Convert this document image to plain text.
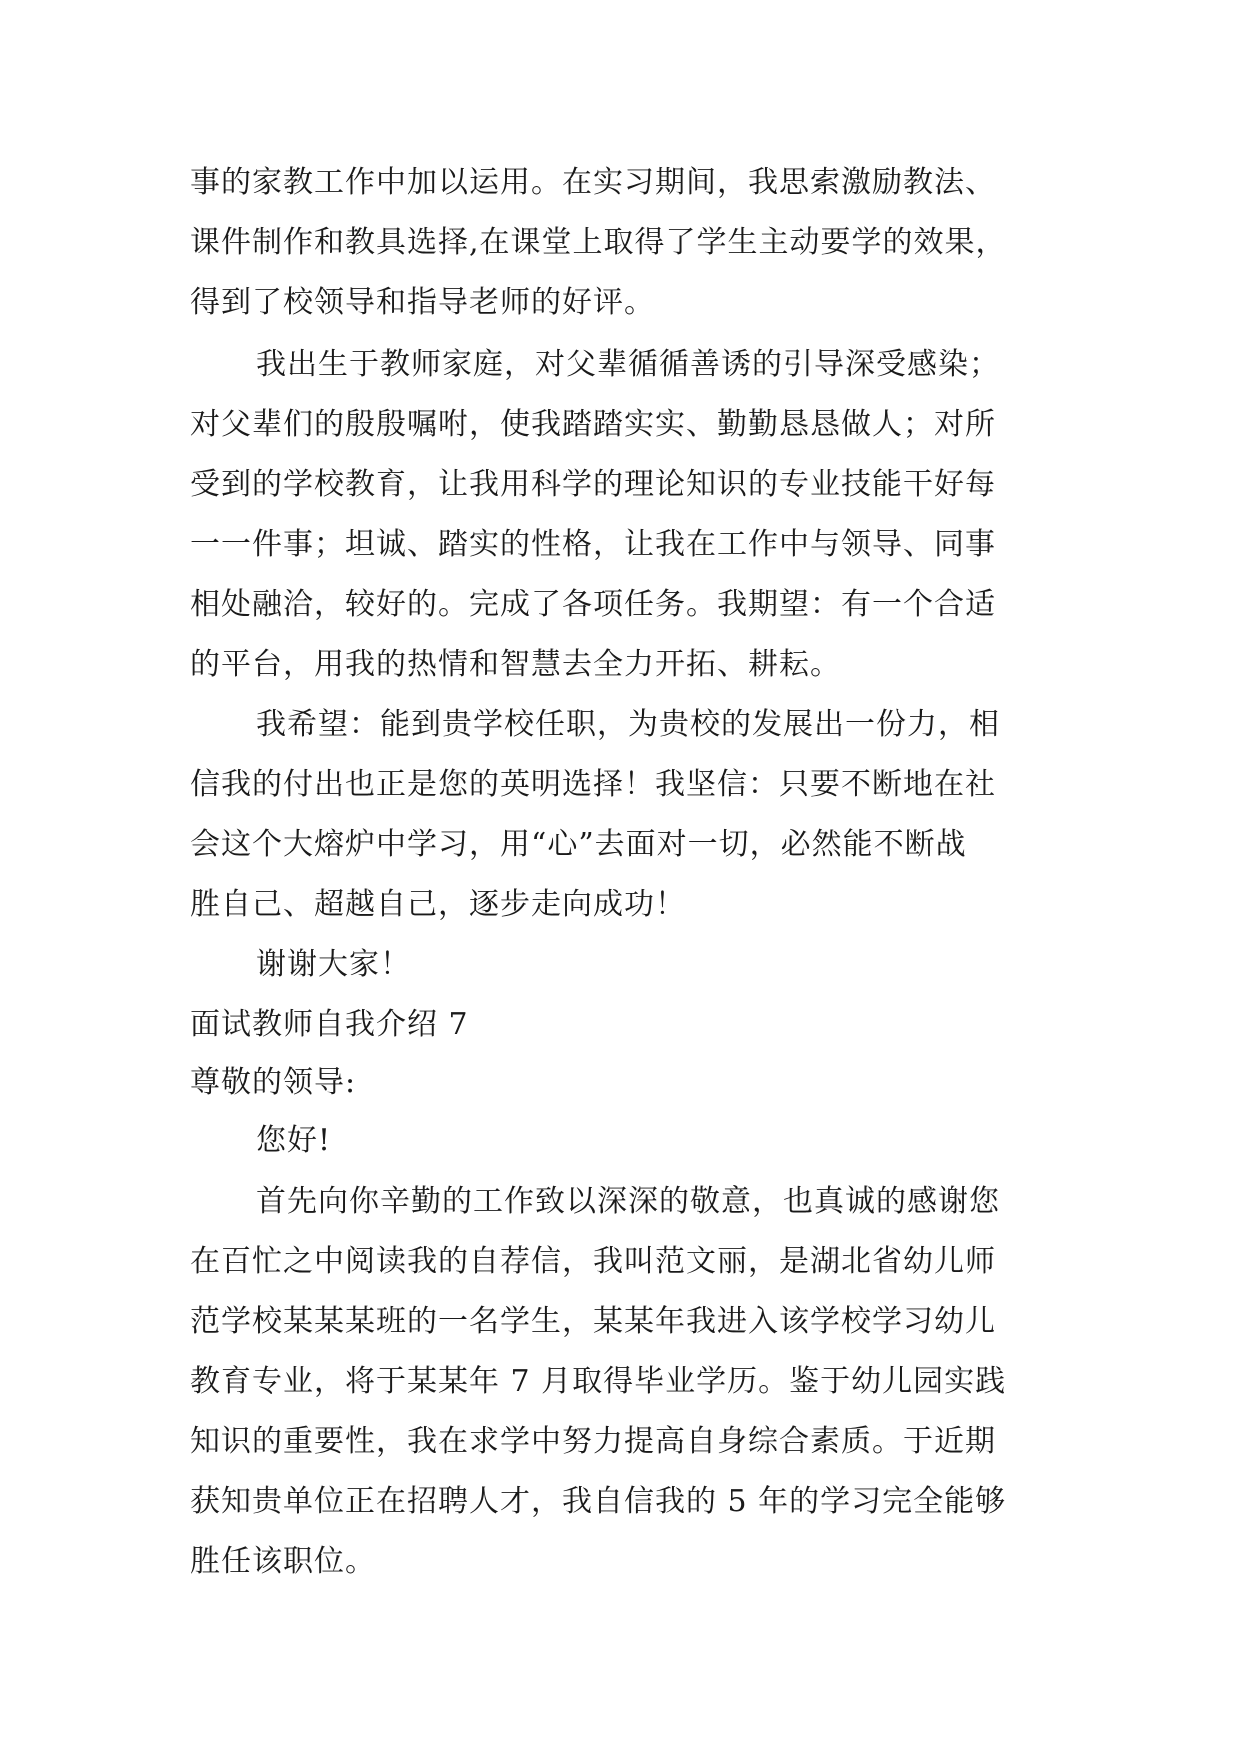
事的家教工作中加以运用。在实习期间，我思索激励教法、
课件制作和教具选择,在课堂上取得了学生主动要学的效果，
得到了校领导和指导老师的好评。
我出生于教师家庭，对父辈循循善诱的引导深受感染；
对父辈们的殷殷嘱咐，使我踏踏实实、勤勤恳恳做人；对所
受到的学校教育，让我用科学的理论知识的专业技能干好每
一一件事；坦诚、踏实的性格，让我在工作中与领导、同事
相处融洽，较好的。完成了各项任务。我期望：有一个合适
的平台，用我的热情和智慧去全力开拓、耕耘。
我希望：能到贵学校任职，为贵校的发展出一份力，相
信我的付出也正是您的英明选择！我坚信：只要不断地在社
会这个大熔炉中学习，用“心”去面对一切，必然能不断战
胜自己、超越自己，逐步走向成功！
谢谢大家！
面试教师自我介绍 7
尊敬的领导:
您好!
首先向你辛勤的工作致以深深的敬意，也真诚的感谢您
在百忙之中阅读我的自荐信，我叫范文丽，是湖北省幼儿师
范学校某某某班的一名学生，某某年我进入该学校学习幼儿
教育专业，将于某某年 7 月取得毕业学历。鉴于幼儿园实践
知识的重要性，我在求学中努力提高自身综合素质。于近期
获知贵单位正在招聘人才，我自信我的 5 年的学习完全能够
胜任该职位。
